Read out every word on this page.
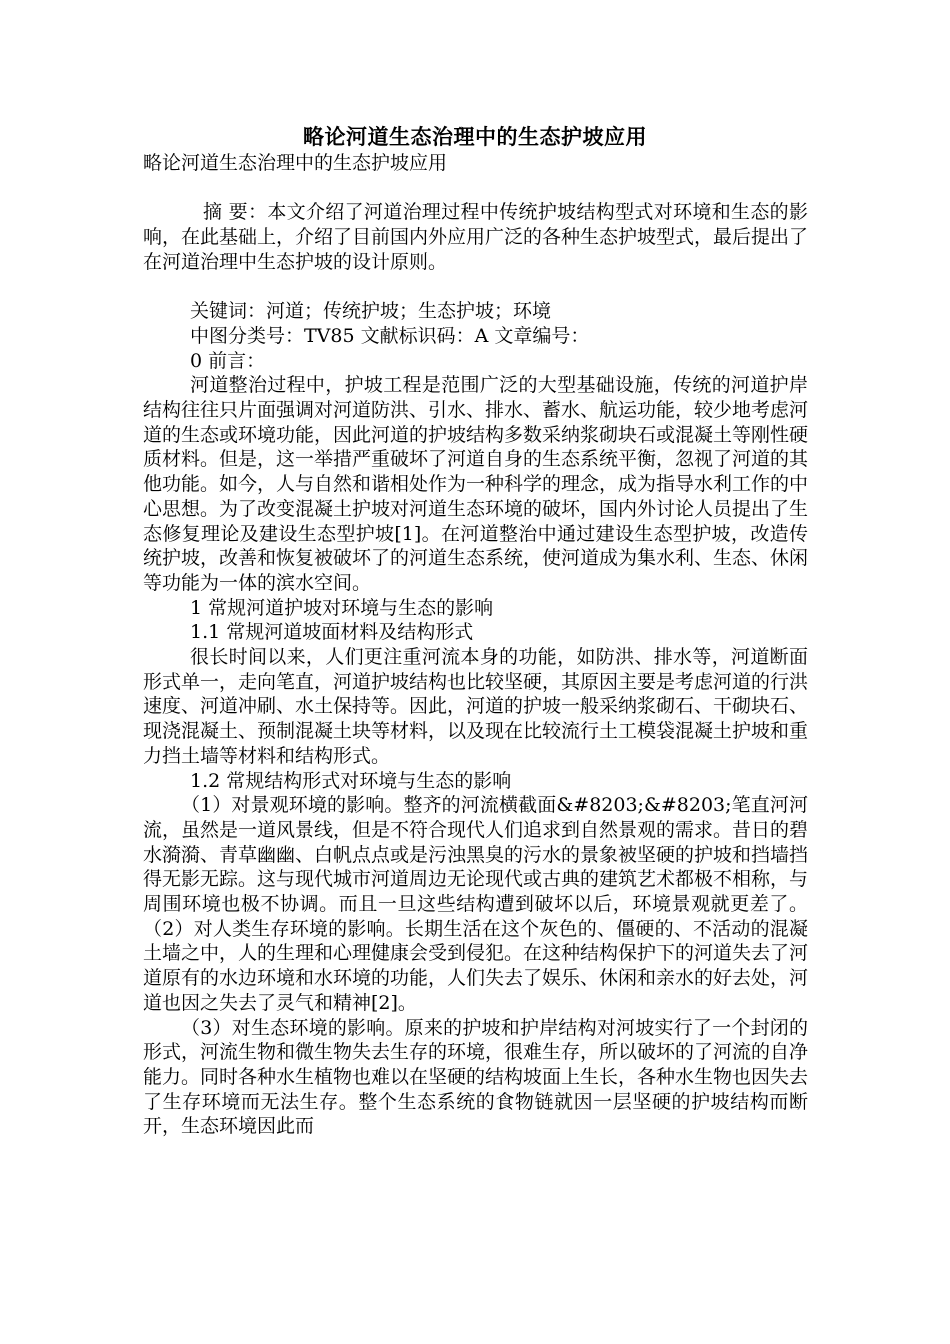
略论河道生态治理中的生态护坡应用

略论河道生态治理中的生态护坡应用

摘 要：本文介绍了河道治理过程中传统护坡结构型式对环境和生态的影响，在此基础上，介绍了目前国内外应用广泛的各种生态护坡型式，最后提出了在河道治理中生态护坡的设计原则。

关键词：河道；传统护坡；生态护坡；环境

中图分类号：TV85 文献标识码：A 文章编号：

0 前言：

河道整治过程中，护坡工程是范围广泛的大型基础设施，传统的河道护岸结构往往只片面强调对河道防洪、引水、排水、蓄水、航运功能，较少地考虑河道的生态或环境功能，因此河道的护坡结构多数采纳浆砌块石或混凝土等刚性硬质材料。但是，这一举措严重破坏了河道自身的生态系统平衡，忽视了河道的其他功能。如今，人与自然和谐相处作为一种科学的理念，成为指导水利工作的中心思想。为了改变混凝土护坡对河道生态环境的破坏，国内外讨论人员提出了生态修复理论及建设生态型护坡[1]。在河道整治中通过建设生态型护坡，改造传统护坡，改善和恢复被破坏了的河道生态系统，使河道成为集水利、生态、休闲等功能为一体的滨水空间。

1 常规河道护坡对环境与生态的影响

1.1 常规河道坡面材料及结构形式

很长时间以来，人们更注重河流本身的功能，如防洪、排水等，河道断面形式单一，走向笔直，河道护坡结构也比较坚硬，其原因主要是考虑河道的行洪速度、河道冲刷、水土保持等。因此，河道的护坡一般采纳浆砌石、干砌块石、现浇混凝土、预制混凝土块等材料，以及现在比较流行土工模袋混凝土护坡和重力挡土墙等材料和结构形式。

1.2 常规结构形式对环境与生态的影响

（1）对景观环境的影响。整齐的河流横截面&#8203;&#8203;笔直河河流，虽然是一道风景线，但是不符合现代人们追求到自然景观的需求。昔日的碧水漪漪、青草幽幽、白帆点点或是污浊黑臭的污水的景象被坚硬的护坡和挡墙挡得无影无踪。这与现代城市河道周边无论现代或古典的建筑艺术都极不相称，与周围环境也极不协调。而且一旦这些结构遭到破坏以后，环境景观就更差了。（2）对人类生存环境的影响。长期生活在这个灰色的、僵硬的、不活动的混凝土墙之中，人的生理和心理健康会受到侵犯。在这种结构保护下的河道失去了河道原有的水边环境和水环境的功能，人们失去了娱乐、休闲和亲水的好去处，河道也因之失去了灵气和精神[2]。

（3）对生态环境的影响。原来的护坡和护岸结构对河坡实行了一个封闭的形式，河流生物和微生物失去生存的环境，很难生存，所以破坏的了河流的自净能力。同时各种水生植物也难以在坚硬的结构坡面上生长，各种水生物也因失去了生存环境而无法生存。整个生态系统的食物链就因一层坚硬的护坡结构而断开，生态环境因此而
